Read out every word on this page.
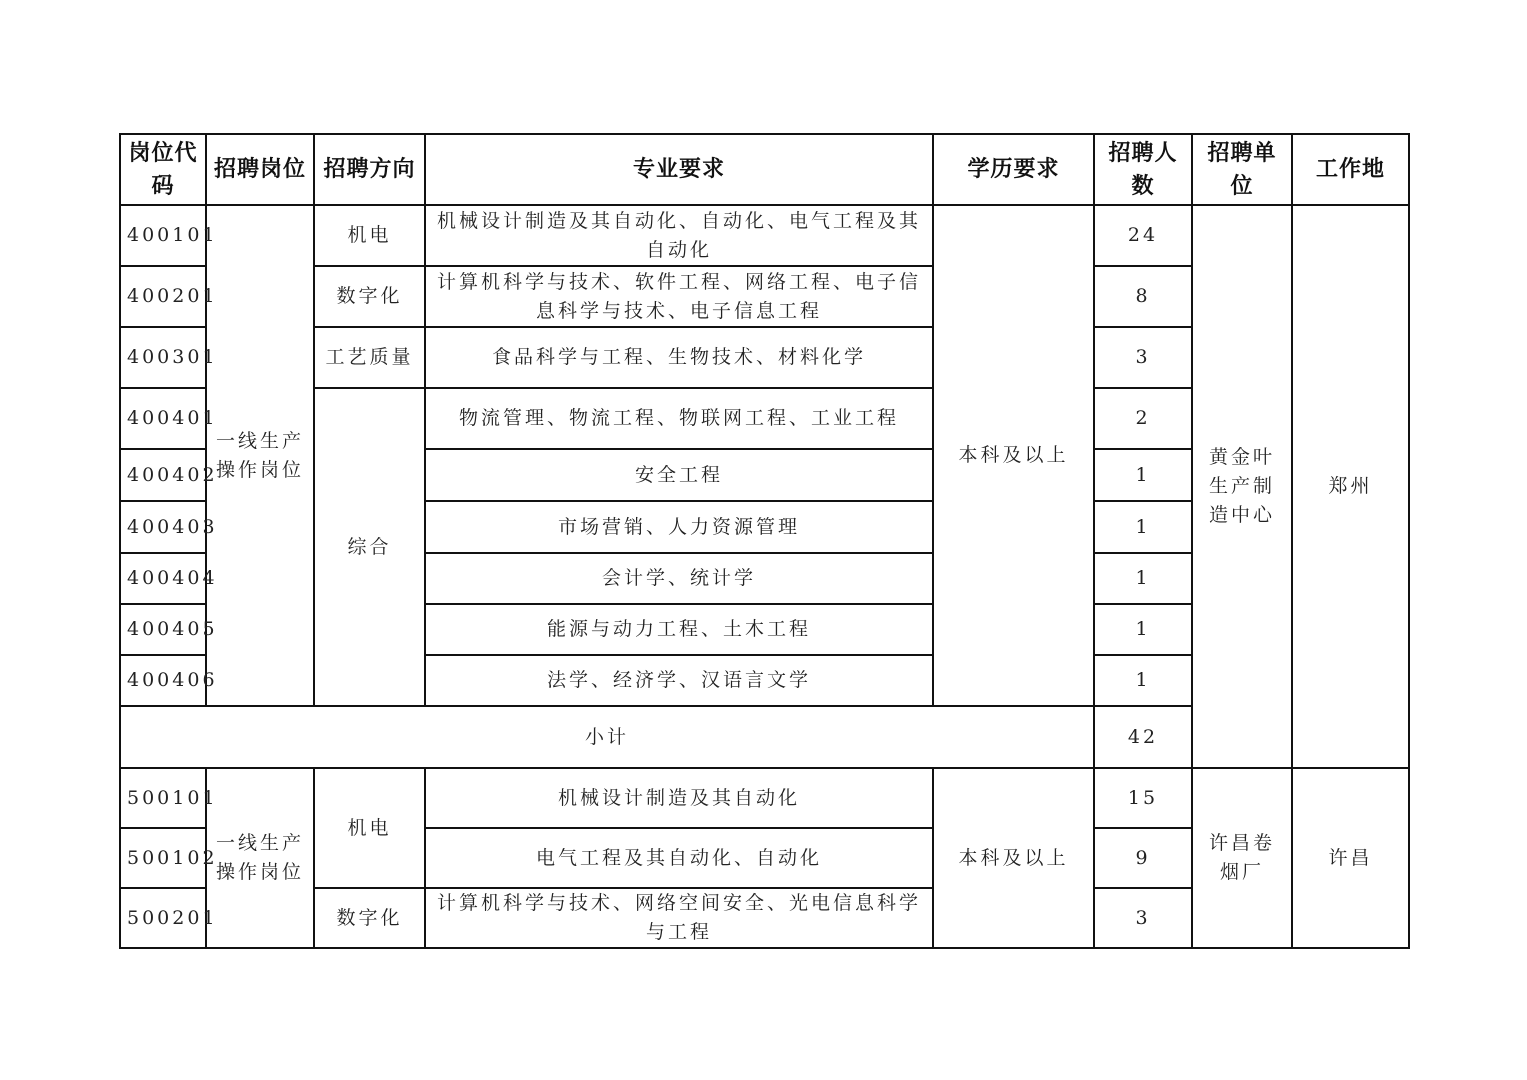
岗位代码	招聘岗位	招聘方向	专业要求	学历要求	招聘人数	招聘单位	工作地
400101	一线生产操作岗位	机电	机械设计制造及其自动化、自动化、电气工程及其自动化	本科及以上	24	黄金叶生产制造中心	郑州
400201		数字化	计算机科学与技术、软件工程、网络工程、电子信息科学与技术、电子信息工程		8		
400301		工艺质量	食品科学与工程、生物技术、材料化学		3		
400401		综合	物流管理、物流工程、物联网工程、工业工程		2		
400402			安全工程		1		
400403			市场营销、人力资源管理		1		
400404			会计学、统计学		1		
400405			能源与动力工程、土木工程		1		
400406			法学、经济学、汉语言文学		1		
小计					42		
500101	一线生产操作岗位	机电	机械设计制造及其自动化	本科及以上	15	许昌卷烟厂	许昌
500102			电气工程及其自动化、自动化		9		
500201		数字化	计算机科学与技术、网络空间安全、光电信息科学与工程		3		
